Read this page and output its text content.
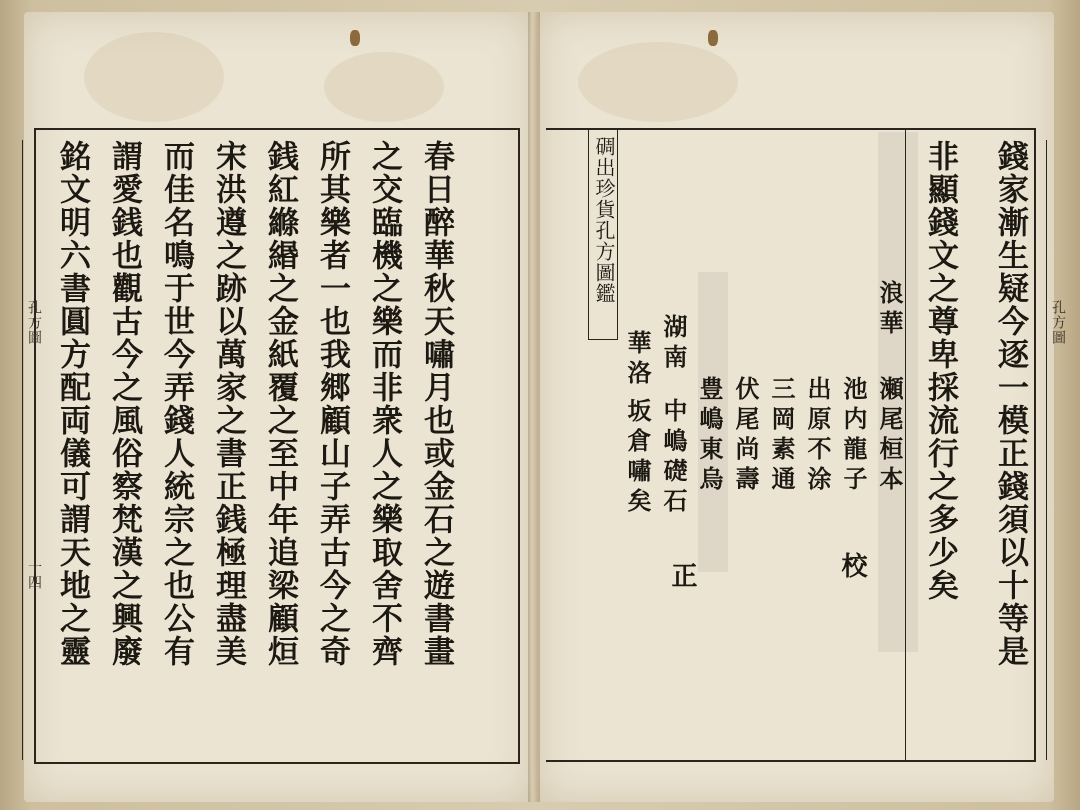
孔方圖
十四	春日醉華秋天嘯月也或金石之遊書畫
之交臨機之樂而非衆人之樂取舍不齊
所其樂者一也我郷顧山子弄古今之奇
銭紅縧緡之金紙覆之至中年追梁顧烜
宋洪遵之跡以萬家之書正銭極理盡美
而佳名鳴于世今弄錢人統宗之也公有
謂愛銭也觀古今之風俗察梵漢之興廢
銘文明六書圓方配両儀可謂天地之靈	孔方圖
碉出珍貨孔方圖鑑	錢家漸生疑今逐一模正錢須以十等是
非顯錢文之尊卑採流行之多少矣
浪華
瀬尾桓本
池内龍子
出原不涂
三岡素通
伏尾尚壽
豊嶋東烏
校
湖南
中嶋礎石
正
華洛
坂倉嘯矣
